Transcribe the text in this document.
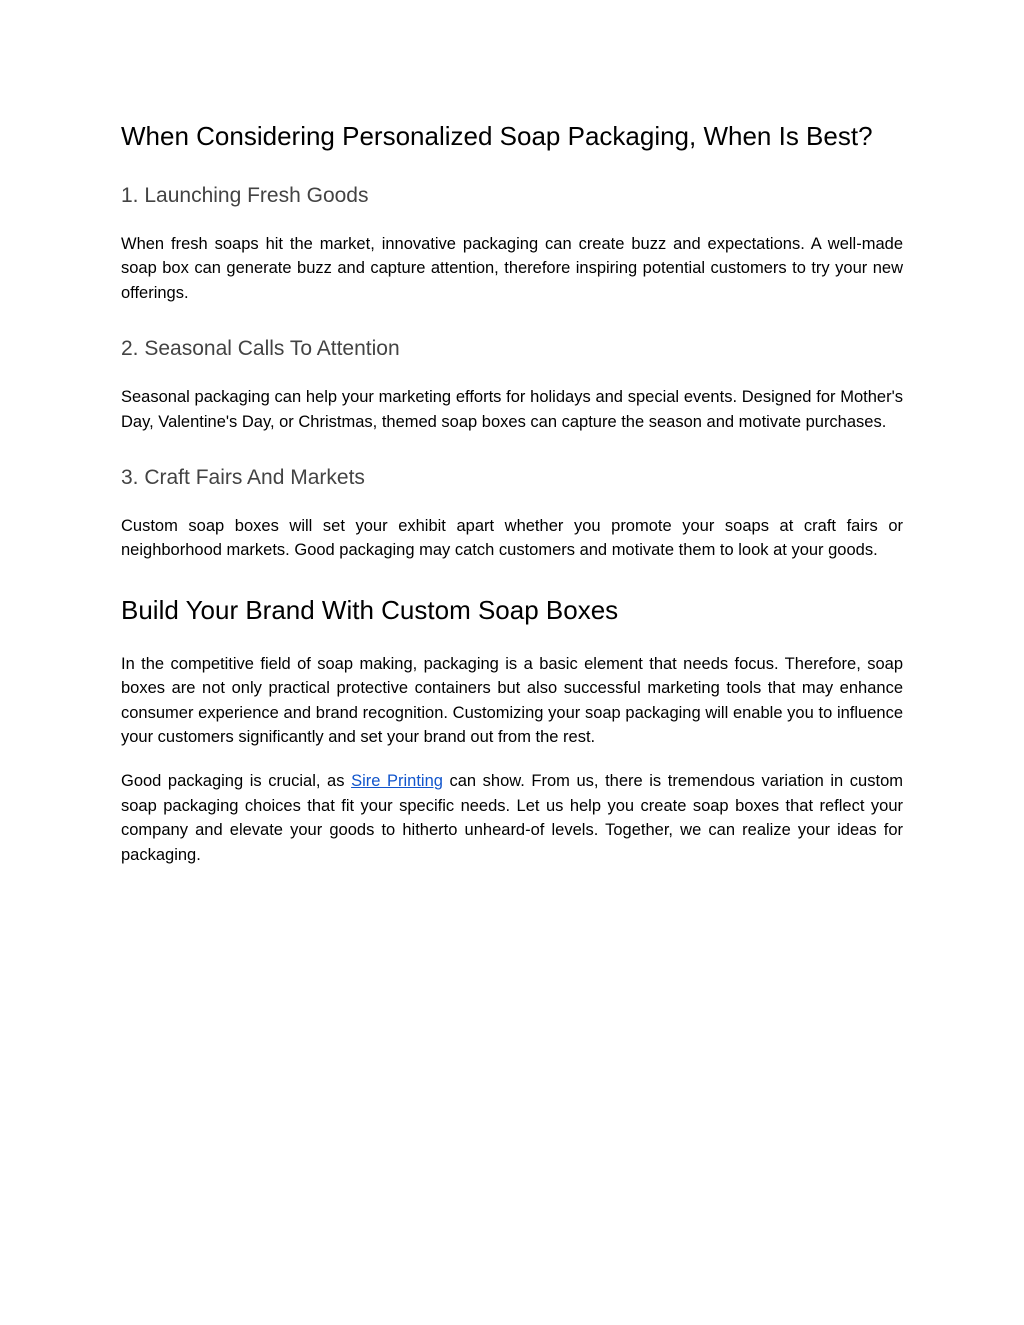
When Considering Personalized Soap Packaging, When Is Best?
1. Launching Fresh Goods

When fresh soaps hit the market, innovative packaging can create buzz and expectations. A well-made soap box can generate buzz and capture attention, therefore inspiring potential customers to try your new offerings.

2. Seasonal Calls To Attention

Seasonal packaging can help your marketing efforts for holidays and special events. Designed for Mother's Day, Valentine's Day, or Christmas, themed soap boxes can capture the season and motivate purchases.

3. Craft Fairs And Markets

Custom soap boxes will set your exhibit apart whether you promote your soaps at craft fairs or neighborhood markets. Good packaging may catch customers and motivate them to look at your goods.

Build Your Brand With Custom Soap Boxes

In the competitive field of soap making, packaging is a basic element that needs focus. Therefore, soap boxes are not only practical protective containers but also successful marketing tools that may enhance consumer experience and brand recognition. Customizing your soap packaging will enable you to influence your customers significantly and set your brand out from the rest.

Good packaging is crucial, as Sire Printing can show. From us, there is tremendous variation in custom soap packaging choices that fit your specific needs. Let us help you create soap boxes that reflect your company and elevate your goods to hitherto unheard-of levels. Together, we can realize your ideas for packaging.
